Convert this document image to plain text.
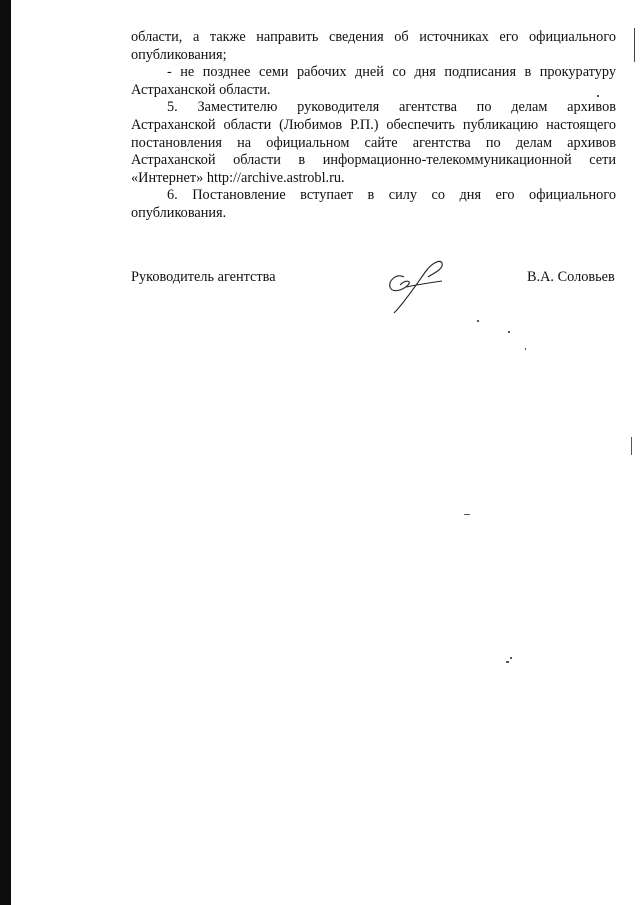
области, а также направить сведения об источниках его официального
опубликования;
- не позднее семи рабочих дней со дня подписания в прокуратуру
Астраханской области.
5. Заместителю руководителя агентства по делам архивов
Астраханской области (Любимов Р.П.) обеспечить публикацию настоящего
постановления на официальном сайте агентства по делам архивов
Астраханской области в информационно-телекоммуникационной сети
«Интернет» http://archive.astrobl.ru.
6. Постановление вступает в силу со дня его официального
опубликования.
Руководитель агентства	В.А. Соловьев
